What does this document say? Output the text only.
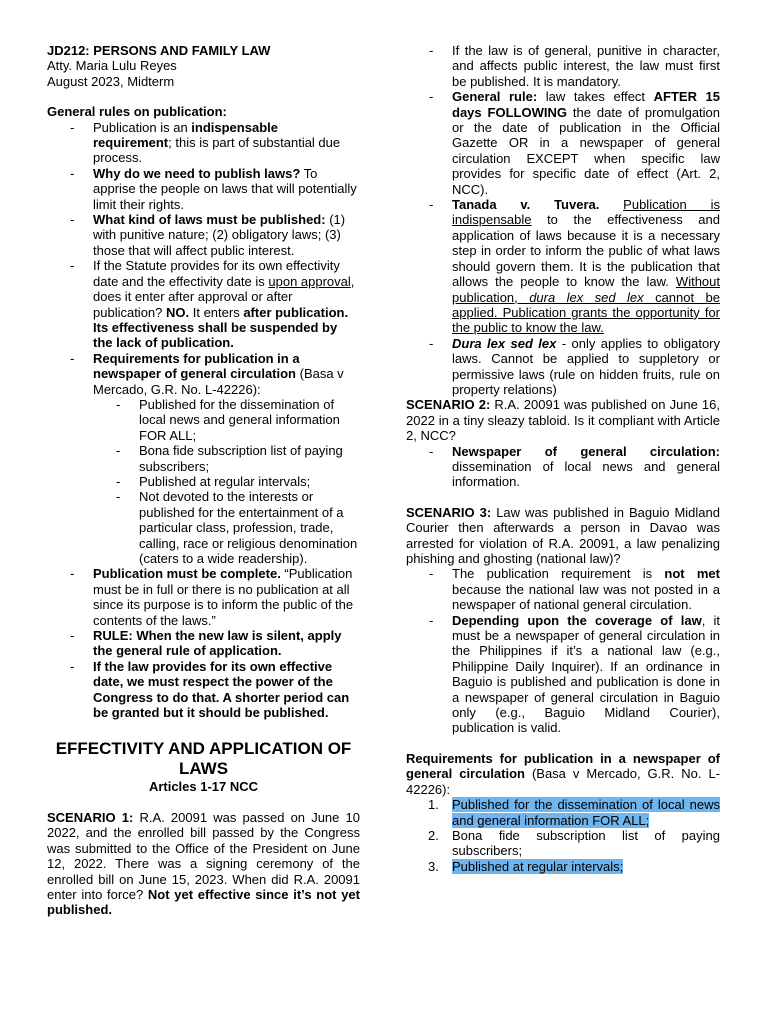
JD212: PERSONS AND FAMILY LAW

Atty. Maria Lulu Reyes

August 2023, Midterm

General rules on publication:

- Publication is an indispensable requirement; this is part of substantial due process.
- Why do we need to publish laws? To apprise the people on laws that will potentially limit their rights.
- What kind of laws must be published: (1) with punitive nature; (2) obligatory laws; (3) those that will affect public interest.
- If the Statute provides for its own effectivity date and the effectivity date is upon approval, does it enter after approval or after publication? NO. It enters after publication. Its effectiveness shall be suspended by the lack of publication.
- Requirements for publication in a newspaper of general circulation (Basa v Mercado, G.R. No. L-42226):
- Published for the dissemination of local news and general information FOR ALL;
- Bona fide subscription list of paying subscribers;
- Published at regular intervals;
- Not devoted to the interests or published for the entertainment of a particular class, profession, trade, calling, race or religious denomination (caters to a wide readership).
- Publication must be complete. “Publication must be in full or there is no publication at all since its purpose is to inform the public of the contents of the laws.”
- RULE: When the new law is silent, apply the general rule of application.
- If the law provides for its own effective date, we must respect the power of the Congress to do that. A shorter period can be granted but it should be published.
EFFECTIVITY AND APPLICATION OF LAWS

Articles 1-17 NCC

SCENARIO 1: R.A. 20091 was passed on June 10 2022, and the enrolled bill passed by the Congress was submitted to the Office of the President on June 12, 2022. There was a signing ceremony of the enrolled bill on June 15, 2023. When did R.A. 20091 enter into force? Not yet effective since it’s not yet published.

- If the law is of general, punitive in character, and affects public interest, the law must first be published. It is mandatory.
- General rule: law takes effect AFTER 15 days FOLLOWING the date of promulgation or the date of publication in the Official Gazette OR in a newspaper of general circulation EXCEPT when specific law provides for specific date of effect (Art. 2, NCC).
- Tanada v. Tuvera. Publication is indispensable to the effectiveness and application of laws because it is a necessary step in order to inform the public of what laws should govern them. It is the publication that allows the people to know the law. Without publication, dura lex sed lex cannot be applied. Publication grants the opportunity for the public to know the law.
- Dura lex sed lex - only applies to obligatory laws. Cannot be applied to suppletory or permissive laws (rule on hidden fruits, rule on property relations)

SCENARIO 2: R.A. 20091 was published on June 16, 2022 in a tiny sleazy tabloid. Is it compliant with Article 2, NCC?

- Newspaper of general circulation: dissemination of local news and general information.

SCENARIO 3: Law was published in Baguio Midland Courier then afterwards a person in Davao was arrested for violation of R.A. 20091, a law penalizing phishing and ghosting (national law)?

- The publication requirement is not met because the national law was not posted in a newspaper of national general circulation.
- Depending upon the coverage of law, it must be a newspaper of general circulation in the Philippines if it’s a national law (e.g., Philippine Daily Inquirer). If an ordinance in Baguio is published and publication is done in a newspaper of general circulation in Baguio only (e.g., Baguio Midland Courier), publication is valid.

Requirements for publication in a newspaper of general circulation (Basa v Mercado, G.R. No. L-42226):

1. Published for the dissemination of local news and general information FOR ALL;
2. Bona fide subscription list of paying subscribers;
3. Published at regular intervals;
